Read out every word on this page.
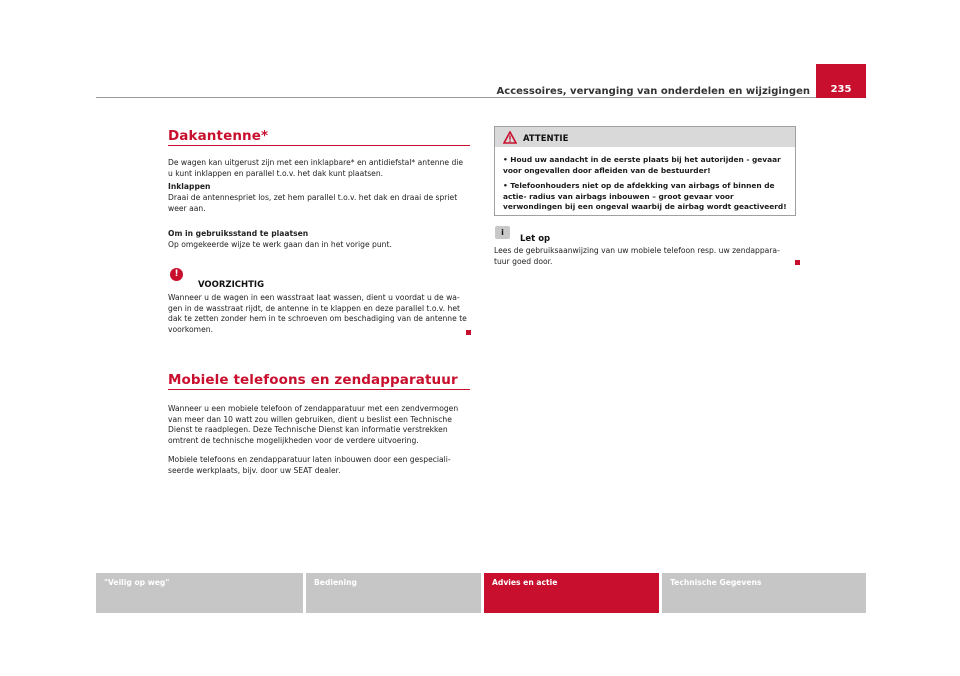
Accessoires, vervanging van onderdelen en wijzigingen	235
Dakantenne*

De wagen kan uitgerust zijn met een inklapbare* en antidiefstal* antenne die u kunt inklappen en parallel t.o.v. het dak kunt plaatsen.

Inklappen

Draai de antennespriet los, zet hem parallel t.o.v. het dak en draai de spriet weer aan.

Om in gebruiksstand te plaatsen

Op omgekeerde wijze te werk gaan dan in het vorige punt.

!
VOORZICHTIG

Wanneer u de wagen in een wasstraat laat wassen, dient u voordat u de wa- gen in de wasstraat rijdt, de antenne in te klappen en deze parallel t.o.v. het dak te zetten zonder hem in te schroeven om beschadiging van de antenne te voorkomen.

Mobiele telefoons en zendapparatuur

Wanneer u een mobiele telefoon of zendapparatuur met een zendvermogen van meer dan 10 watt zou willen gebruiken, dient u beslist een Technische Dienst te raadplegen. Deze Technische Dienst kan informatie verstrekken omtrent de technische mogelijkheden voor de verdere uitvoering.

Mobiele telefoons en zendapparatuur laten inbouwen door een gespeciali- seerde werkplaats, bijv. door uw SEAT dealer.

ATTENTIE
• Houd uw aandacht in de eerste plaats bij het autorijden - gevaar voor ongevallen door afleiden van de bestuurder!
• Telefoonhouders niet op de afdekking van airbags of binnen de actie- radius van airbags inbouwen – groot gevaar voor verwondingen bij een ongeval waarbij de airbag wordt geactiveerd!
i
Let op

Lees de gebruiksaanwijzing van uw mobiele telefoon resp. uw zendappara- tuur goed door.

"Veilig op weg"	Bediening	Advies en actie	Technische Gegevens
